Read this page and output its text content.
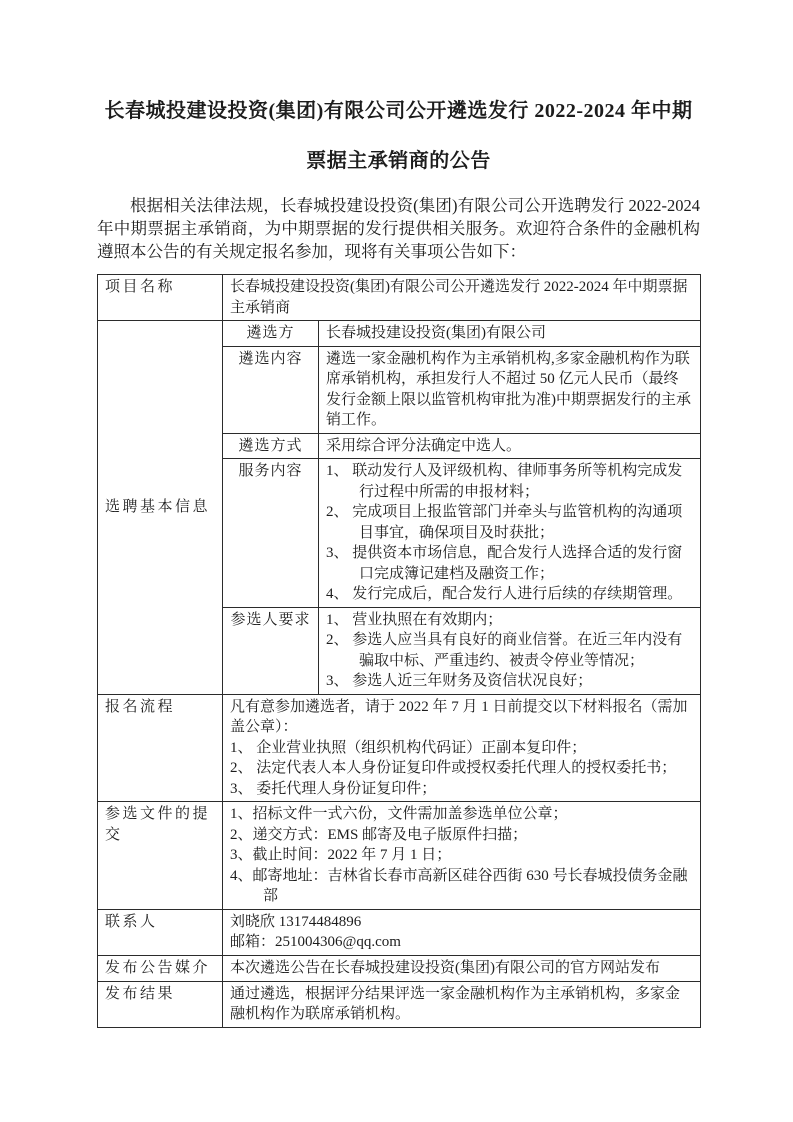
长春城投建设投资(集团)有限公司公开遴选发行 2022-2024 年中期票据主承销商的公告

根据相关法律法规，长春城投建设投资(集团)有限公司公开选聘发行 2022-2024 年中期票据主承销商，为中期票据的发行提供相关服务。欢迎符合条件的金融机构遵照本公告的有关规定报名参加，现将有关事项公告如下：

项目名称	长春城投建设投资(集团)有限公司公开遴选发行 2022-2024 年中期票据主承销商	
选聘基本信息	遴选方	长春城投建设投资(集团)有限公司
	遴选内容	遴选一家金融机构作为主承销机构,多家金融机构作为联席承销机构，承担发行人不超过 50 亿元人民币（最终发行金额上限以监管机构审批为准)中期票据发行的主承销工作。
	遴选方式	采用综合评分法确定中选人。
	服务内容	1、 联动发行人及评级机构、律师事务所等机构完成发行过程中所需的申报材料；
2、 完成项目上报监管部门并牵头与监管机构的沟通项目事宜，确保项目及时获批；
3、 提供资本市场信息，配合发行人选择合适的发行窗口完成簿记建档及融资工作；
4、 发行完成后，配合发行人进行后续的存续期管理。

	参选人要求	1、 营业执照在有效期内；
2、 参选人应当具有良好的商业信誉。在近三年内没有骗取中标、严重违约、被责令停业等情况；
3、 参选人近三年财务及资信状况良好；

报名流程	凡有意参加遴选者，请于 2022 年 7 月 1 日前提交以下材料报名（需加盖公章）：
1、 企业营业执照（组织机构代码证）正副本复印件；
2、 法定代表人本人身份证复印件或授权委托代理人的授权委托书；
3、 委托代理人身份证复印件；	

参选文件的提交	1、招标文件一式六份，文件需加盖参选单位公章；
2、递交方式：EMS 邮寄及电子版原件扫描；
3、截止时间：2022 年 7 月 1 日；
4、邮寄地址：吉林省长春市高新区硅谷西街 630 号长春城投债务金融部	

联系人	刘晓欣 13174484896
邮箱：251004306@qq.com	

发布公告媒介	本次遴选公告在长春城投建设投资(集团)有限公司的官方网站发布	
发布结果	通过遴选，根据评分结果评选一家金融机构作为主承销机构，多家金融机构作为联席承销机构。	
